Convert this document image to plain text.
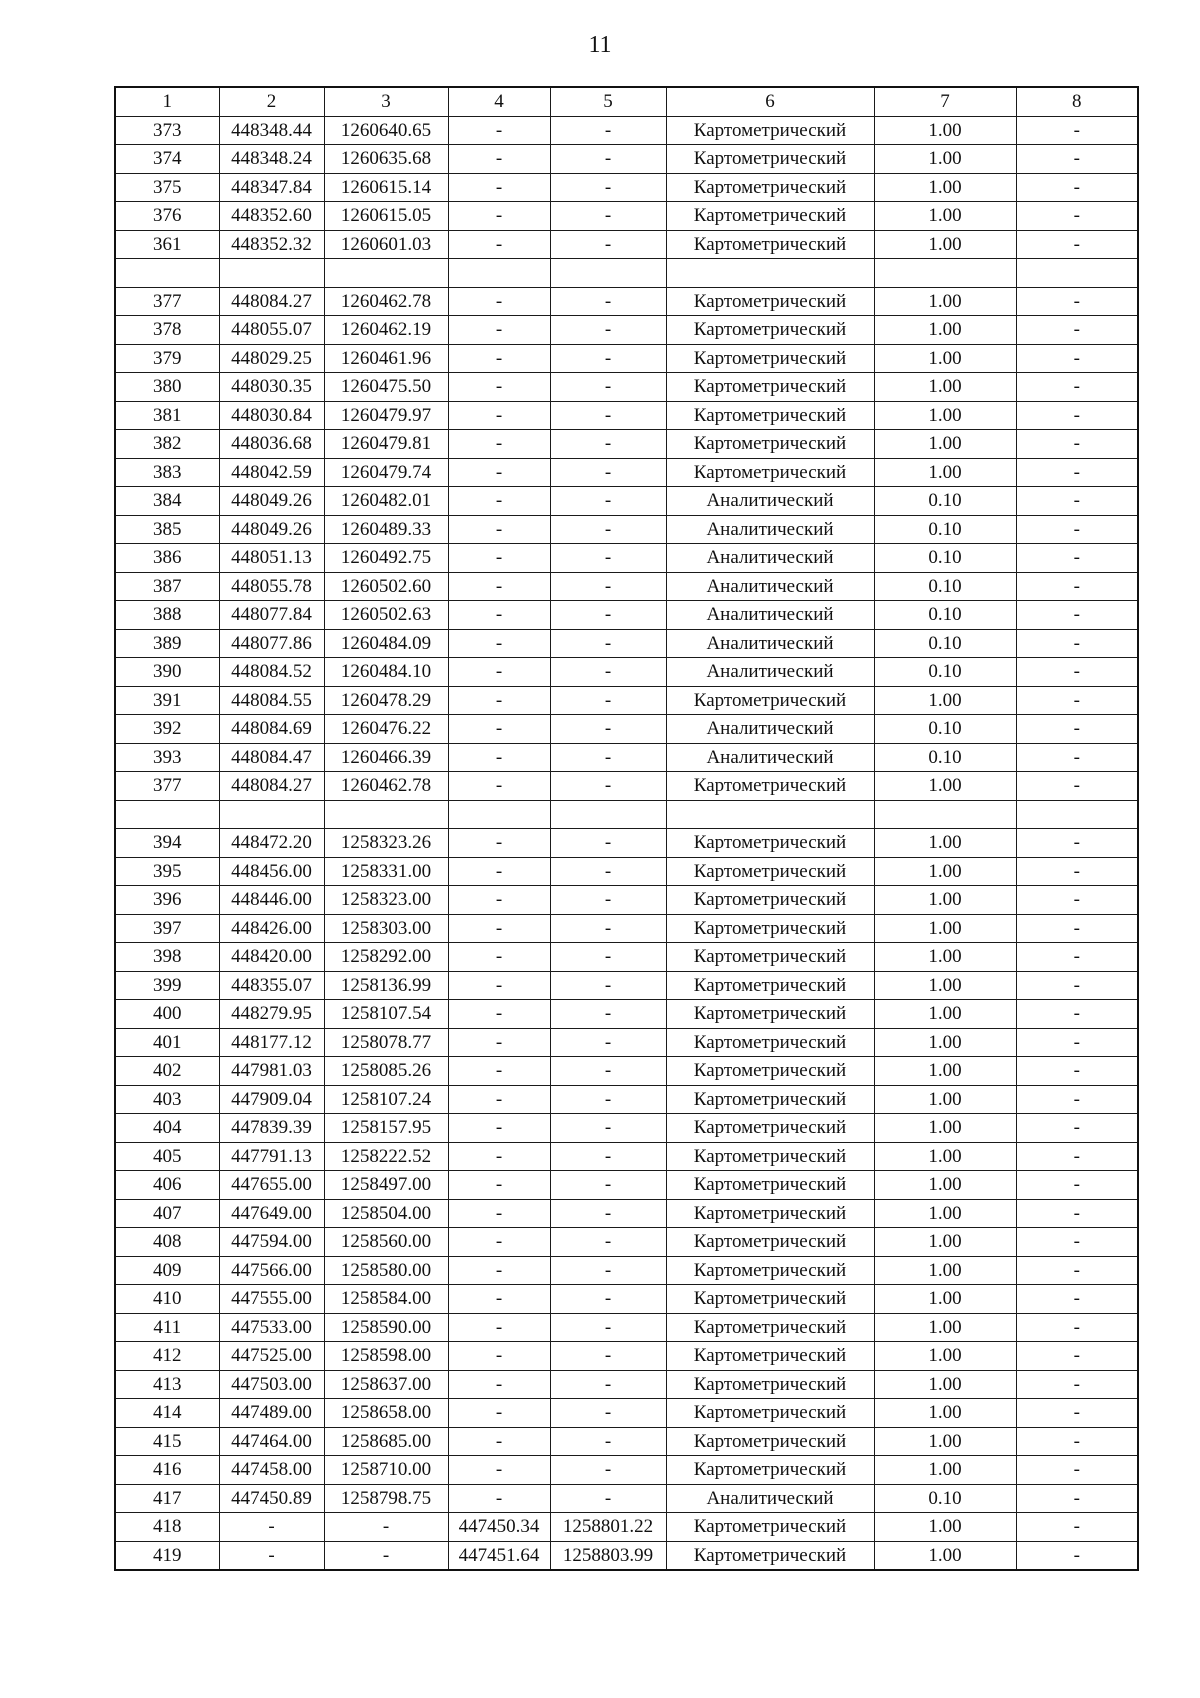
11
1	2	3	4	5	6	7	8
373	448348.44	1260640.65	-	-	Картометрический	1.00	-
374	448348.24	1260635.68	-	-	Картометрический	1.00	-
375	448347.84	1260615.14	-	-	Картометрический	1.00	-
376	448352.60	1260615.05	-	-	Картометрический	1.00	-
361	448352.32	1260601.03	-	-	Картометрический	1.00	-

377	448084.27	1260462.78	-	-	Картометрический	1.00	-
378	448055.07	1260462.19	-	-	Картометрический	1.00	-
379	448029.25	1260461.96	-	-	Картометрический	1.00	-
380	448030.35	1260475.50	-	-	Картометрический	1.00	-
381	448030.84	1260479.97	-	-	Картометрический	1.00	-
382	448036.68	1260479.81	-	-	Картометрический	1.00	-
383	448042.59	1260479.74	-	-	Картометрический	1.00	-
384	448049.26	1260482.01	-	-	Аналитический	0.10	-
385	448049.26	1260489.33	-	-	Аналитический	0.10	-
386	448051.13	1260492.75	-	-	Аналитический	0.10	-
387	448055.78	1260502.60	-	-	Аналитический	0.10	-
388	448077.84	1260502.63	-	-	Аналитический	0.10	-
389	448077.86	1260484.09	-	-	Аналитический	0.10	-
390	448084.52	1260484.10	-	-	Аналитический	0.10	-
391	448084.55	1260478.29	-	-	Картометрический	1.00	-
392	448084.69	1260476.22	-	-	Аналитический	0.10	-
393	448084.47	1260466.39	-	-	Аналитический	0.10	-
377	448084.27	1260462.78	-	-	Картометрический	1.00	-

394	448472.20	1258323.26	-	-	Картометрический	1.00	-
395	448456.00	1258331.00	-	-	Картометрический	1.00	-
396	448446.00	1258323.00	-	-	Картометрический	1.00	-
397	448426.00	1258303.00	-	-	Картометрический	1.00	-
398	448420.00	1258292.00	-	-	Картометрический	1.00	-
399	448355.07	1258136.99	-	-	Картометрический	1.00	-
400	448279.95	1258107.54	-	-	Картометрический	1.00	-
401	448177.12	1258078.77	-	-	Картометрический	1.00	-
402	447981.03	1258085.26	-	-	Картометрический	1.00	-
403	447909.04	1258107.24	-	-	Картометрический	1.00	-
404	447839.39	1258157.95	-	-	Картометрический	1.00	-
405	447791.13	1258222.52	-	-	Картометрический	1.00	-
406	447655.00	1258497.00	-	-	Картометрический	1.00	-
407	447649.00	1258504.00	-	-	Картометрический	1.00	-
408	447594.00	1258560.00	-	-	Картометрический	1.00	-
409	447566.00	1258580.00	-	-	Картометрический	1.00	-
410	447555.00	1258584.00	-	-	Картометрический	1.00	-
411	447533.00	1258590.00	-	-	Картометрический	1.00	-
412	447525.00	1258598.00	-	-	Картометрический	1.00	-
413	447503.00	1258637.00	-	-	Картометрический	1.00	-
414	447489.00	1258658.00	-	-	Картометрический	1.00	-
415	447464.00	1258685.00	-	-	Картометрический	1.00	-
416	447458.00	1258710.00	-	-	Картометрический	1.00	-
417	447450.89	1258798.75	-	-	Аналитический	0.10	-
418	-	-	447450.34	1258801.22	Картометрический	1.00	-
419	-	-	447451.64	1258803.99	Картометрический	1.00	-
